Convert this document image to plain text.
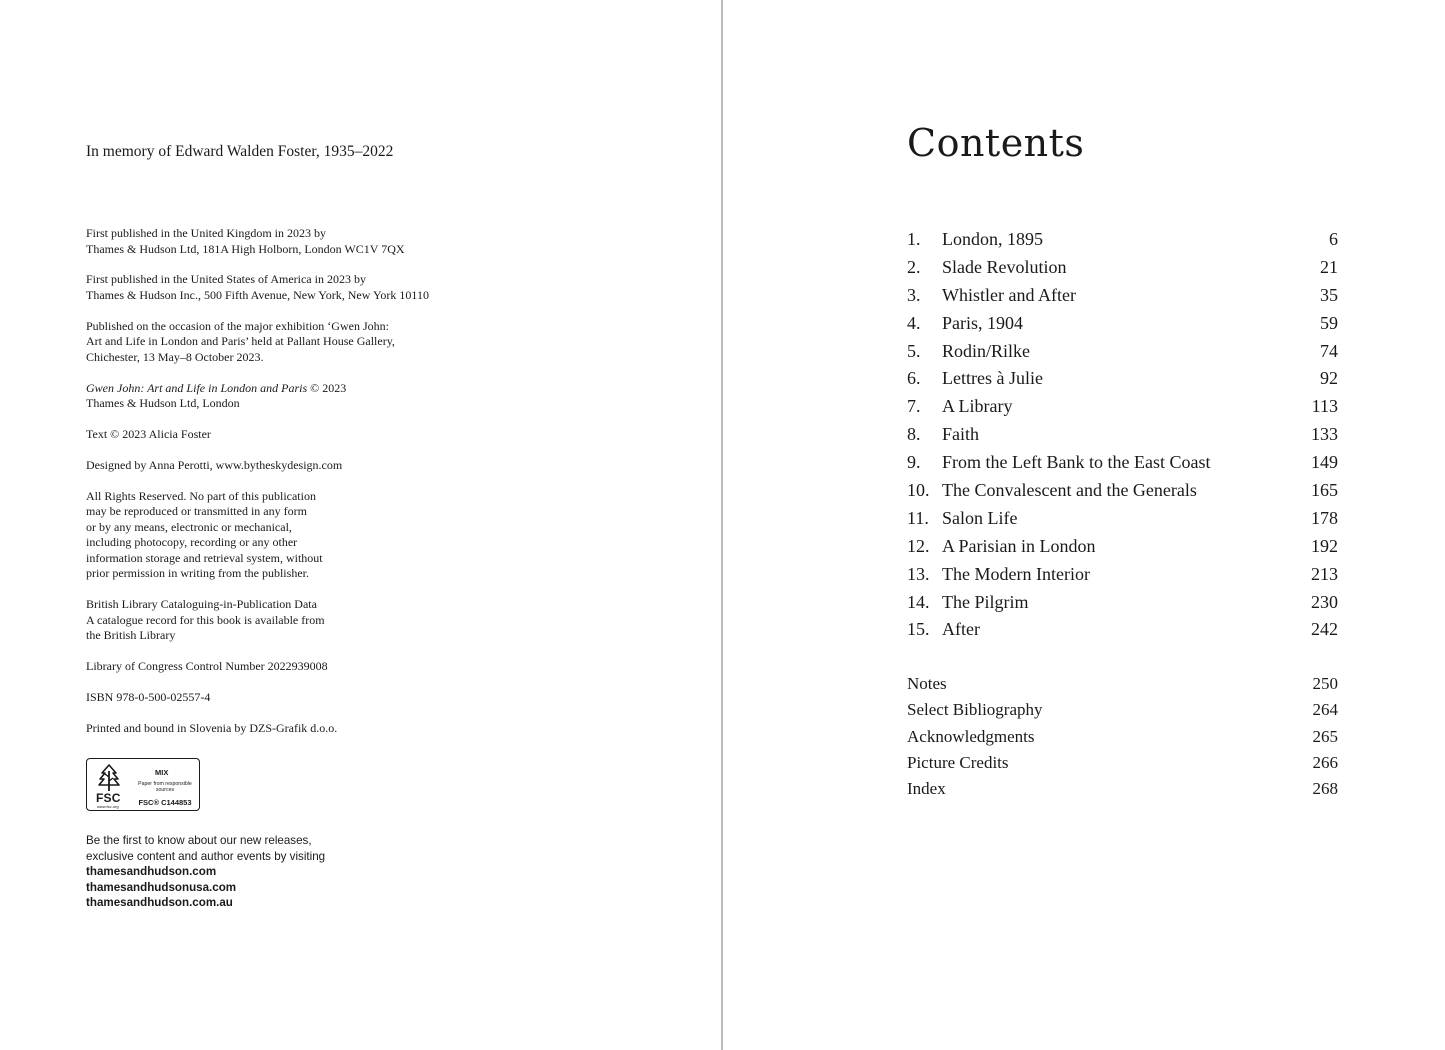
In memory of Edward Walden Foster, 1935–2022

First published in the United Kingdom in 2023 by
Thames & Hudson Ltd, 181A High Holborn, London WC1V 7QX

First published in the United States of America in 2023 by
Thames & Hudson Inc., 500 Fifth Avenue, New York, New York 10110

Published on the occasion of the major exhibition ‘Gwen John:
Art and Life in London and Paris’ held at Pallant House Gallery,
Chichester, 13 May–8 October 2023.

Gwen John: Art and Life in London and Paris © 2023
Thames & Hudson Ltd, London

Text © 2023 Alicia Foster

Designed by Anna Perotti, www.bytheskydesign.com

All Rights Reserved. No part of this publication
may be reproduced or transmitted in any form
or by any means, electronic or mechanical,
including photocopy, recording or any other
information storage and retrieval system, without
prior permission in writing from the publisher.

British Library Cataloguing-in-Publication Data
A catalogue record for this book is available from
the British Library

Library of Congress Control Number 2022939008

ISBN 978-0-500-02557-4

Printed and bound in Slovenia by DZS-Grafik d.o.o.

FSC
www.fsc.org
MIX
Paper from responsible sources
FSC® C144853
Be the first to know about our new releases,
exclusive content and author events by visiting
thamesandhudson.com
thamesandhudsonusa.com
thamesandhudson.com.au
Contents
1. London, 1895	6
2. Slade Revolution	21
3. Whistler and After	35
4. Paris, 1904	59
5. Rodin/Rilke	74
6. Lettres à Julie	92
7. A Library	113
8. Faith	133
9. From the Left Bank to the East Coast	149
10. The Convalescent and the Generals	165
11. Salon Life	178
12. A Parisian in London	192
13. The Modern Interior	213
14. The Pilgrim	230
15. After	242
Notes	250
Select Bibliography	264
Acknowledgments	265
Picture Credits	266
Index	268
